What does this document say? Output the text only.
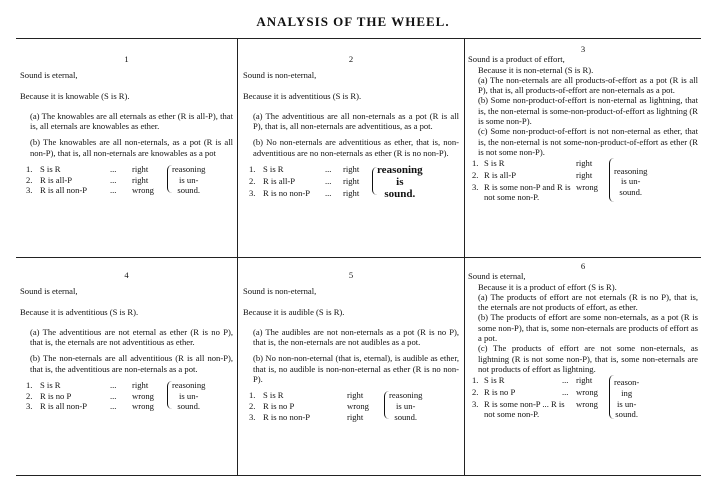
ANALYSIS OF THE WHEEL.
1
Sound is eternal,
Because it is knowable (S is R).
(a) The knowables are all eternals as ether (R is all-P), that is, all eternals are knowables as ether.
(b) The knowables are all non-eternals, as a pot (R is all non-P), that is, all non-eternals are knowables as a pot
1.	S is R	...	right		reasoning
is un-
sound.

2.	R is all-P	...	right		
3.	R is all non-P	...	wrong		
2
Sound is non-eternal,
Because it is adventitious (S is R).
(a) The adventitious are all non-eternals as a pot (R is all P), that is, all non-eternals are adventitious, as a pot.
(b) No non-eternals are adventitious as ether, that is, non-adventitious are no non-eternals as ether (R is no non-P).
1.	S is R	...	right		reasoning
is
sound.

2.	R is all-P	...	right		
3.	R is no non-P	...	right		
3
Sound is a product of effort,
Because it is non-eternal (S is R).
(a) The non-eternals are all products-of-effort as a pot (R is all P), that is, all products-of-effort are non-eternals as a pot.
(b) Some non-product-of-effort is non-eternal as lightning, that is, the non-eternal is some-non-product-of-effort as lightning (R is some non-P).
(c) Some non-product-of-effort is not non-eternal as ether, that is, the non-eternal is not some-non-product-of-effort as ether (R is not some non-P).
1.	S is R	right		reasoning
is un-
sound.

2.	R is all-P	right		
3.	R is some non-P and R is not some non-P.	wrong		
4
Sound is eternal,
Because it is adventitious (S is R).
(a) The adventitious are not eternal as ether (R is no P), that is, the eternals are not adventitious as ether.
(b) The non-eternals are all adventitious (R is all non-P), that is, the adventitious are non-eternals as a pot.
1.	S is R	...	right		reasoning
is un-
sound.

2.	R is no P	...	wrong		
3.	R is all non-P	...	wrong		
5
Sound is non-eternal,
Because it is audible (S is R).
(a) The audibles are not non-eternals as a pot (R is no P), that is, the non-eternals are not audibles as a pot.
(b) No non-non-eternal (that is, eternal), is audible as ether, that is, no audible is non-non-eternal as ether (R is no non-P).
1.	S is R	right		reasoning
is un-
sound.

2.	R is no P	wrong		
3.	R is no non-P	right		
6
Sound is eternal,
Because it is a product of effort (S is R).
(a) The products of effort are not eternals (R is no P), that is, the eternals are not products of effort, as ether.
(b) The products of effort are some non-eternals, as a pot (R is some non-P), that is, some non-eternals are products of effort as a pot.
(c) The products of effort are not some non-eternals, as lightning (R is not some non-P), that is, some non-eternals are not products of effort as lightning.
1.	S is R	...	right		reason-
ing
is un-
sound.

2.	R is no P	...	wrong		
3.	R is some non-P ... R is not some non-P.		wrong		
